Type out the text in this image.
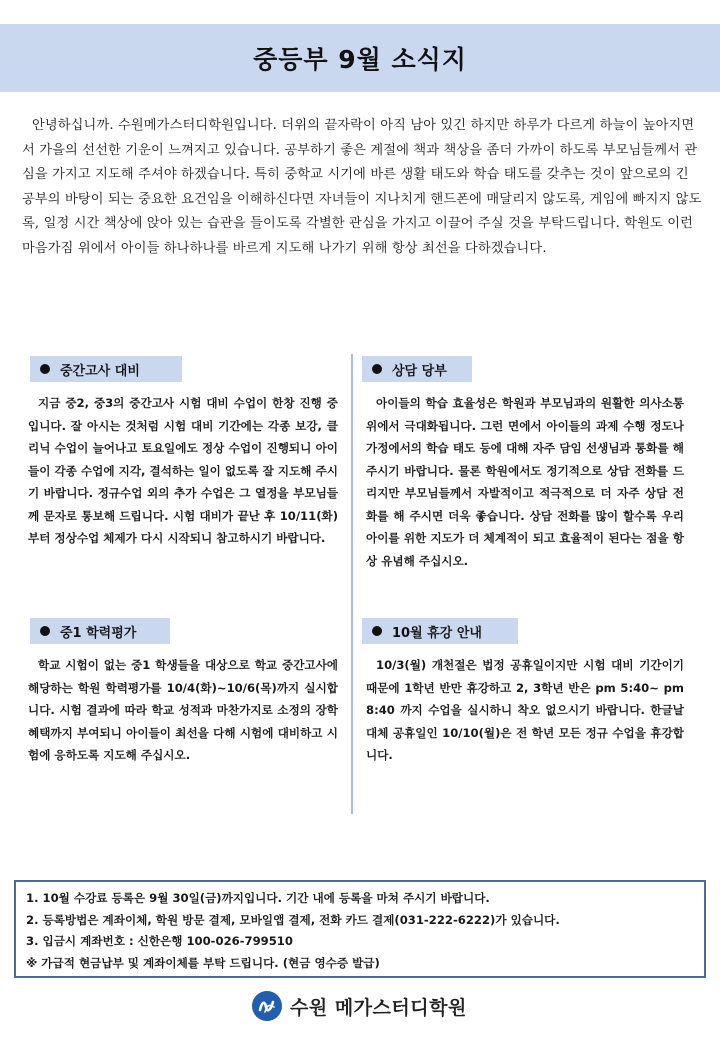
중등부 9월 소식지

안녕하십니까. 수원메가스터디학원입니다. 더위의 끝자락이 아직 남아 있긴 하지만 하루가 다르게 하늘이 높아지면서 가을의 선선한 기운이 느껴지고 있습니다. 공부하기 좋은 계절에 책과 책상을 좀더 가까이 하도록 부모님들께서 관심을 가지고 지도해 주셔야 하겠습니다. 특히 중학교 시기에 바른 생활 태도와 학습 태도를 갖추는 것이 앞으로의 긴 공부의 바탕이 되는 중요한 요건임을 이해하신다면 자녀들이 지나치게 핸드폰에 매달리지 않도록, 게임에 빠지지 않도록, 일정 시간 책상에 앉아 있는 습관을 들이도록 각별한 관심을 가지고 이끌어 주실 것을 부탁드립니다. 학원도 이런 마음가짐 위에서 아이들 하나하나를 바르게 지도해 나가기 위해 항상 최선을 다하겠습니다.

중간고사 대비
지금 중2, 중3의 중간고사 시험 대비 수업이 한창 진행 중입니다. 잘 아시는 것처럼 시험 대비 기간에는 각종 보강, 클리닉 수업이 늘어나고 토요일에도 정상 수업이 진행되니 아이들이 각종 수업에 지각, 결석하는 일이 없도록 잘 지도해 주시기 바랍니다. 정규수업 외의 추가 수업은 그 열정을 부모님들께 문자로 통보해 드립니다. 시험 대비가 끝난 후 10/11(화)부터 정상수업 체제가 다시 시작되니 참고하시기 바랍니다.
중1 학력평가
학교 시험이 없는 중1 학생들을 대상으로 학교 중간고사에 해당하는 학원 학력평가를 10/4(화)~10/6(목)까지 실시합니다. 시험 결과에 따라 학교 성적과 마찬가지로 소정의 장학혜택까지 부여되니 아이들이 최선을 다해 시험에 대비하고 시험에 응하도록 지도해 주십시오.
상담 당부
아이들의 학습 효율성은 학원과 부모님과의 원활한 의사소통 위에서 극대화됩니다. 그런 면에서 아이들의 과제 수행 정도나 가정에서의 학습 태도 등에 대해 자주 담임 선생님과 통화를 해 주시기 바랍니다. 물론 학원에서도 정기적으로 상담 전화를 드리지만 부모님들께서 자발적이고 적극적으로 더 자주 상담 전화를 해 주시면 더욱 좋습니다. 상담 전화를 많이 할수록 우리 아이를 위한 지도가 더 체계적이 되고 효율적이 된다는 점을 항상 유념해 주십시오.
10월 휴강 안내
10/3(월) 개천절은 법정 공휴일이지만 시험 대비 기간이기 때문에 1학년 반만 휴강하고 2, 3학년 반은 pm 5:40~ pm 8:40 까지 수업을 실시하니 착오 없으시기 바랍니다. 한글날 대체 공휴일인 10/10(월)은 전 학년 모든 정규 수업을 휴강합니다.
1. 10월 수강료 등록은 9월 30일(금)까지입니다. 기간 내에 등록을 마쳐 주시기 바랍니다.
2. 등록방법은 계좌이체, 학원 방문 결제, 모바일앱 결제, 전화 카드 결제(031-222-6222)가 있습니다.
3. 입금시 계좌번호 : 신한은행 100-026-799510
※ 가급적 현금납부 및 계좌이체를 부탁 드립니다. (현금 영수증 발급)
수원 메가스터디학원
